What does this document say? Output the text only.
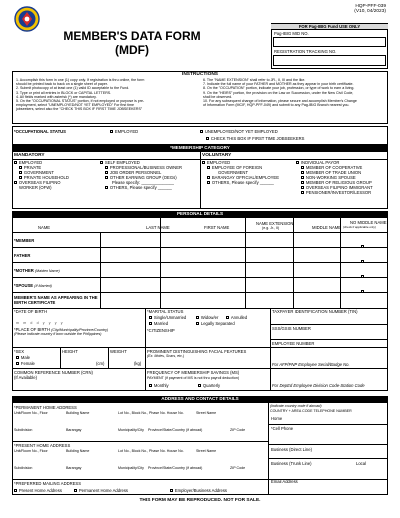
HQP-PFF-039
(V10, 04/2023)
MEMBER'S DATA FORM
(MDF)
FOR Pag-IBIG Fund USE ONLY
Pag-IBIG MID NO.
REGISTRATION TRACKING NO.
INSTRUCTIONS
1. Accomplish this form in one (1) copy only. If registration is thru online, the form
should be printed back to back on a single sheet of paper.
2. Submit photocopy of at least one (1) valid ID acceptable to the Fund.
3. Type or print all entries in BLOCK or CAPITAL LETTERS.
4. All fields marked with asterisk (*) are mandatory.
5. On the "OCCUPATIONAL STATUS" portion, if not employed or purpose is pre-
employment, select "UNEMPLOYED/NOT YET EMPLOYED" For first time
jobseekers, select also the "CHECK THIS BOX IF FIRST TIME JOBSEEKERS"
6. The "NAME EXTENSION" shall refer to JR., II, III and the like.
7. Indicate the full name of your FATHER and MOTHER as they appear in your birth certificate.
8. On the "OCCUPATION" portion, indicate your job, profession, or type of work to earn a living.
9. On the "HEIRS" portion, the provision on the Law on Succession, under the New Civil Code,
shall be observed.
10. For any subsequent change of information, please secure and accomplish Member's Change
of Information Form (MCIF, HQP-PFF-049) and submit to any Pag-IBIG Branch nearest you.
*OCCUPATIONAL STATUS	EMPLOYED	UNEMPLOYED/NOT YET EMPLOYED
CHECK THIS BOX IF FIRST TIME JOBSEEKERS
*MEMBERSHIP CATEGORY
MANDATORY	VOLUNTARY
EMPLOYED
PRIVATE
GOVERNMENT
PRIVATE HOUSEHOLD
OVERSEAS FILIPINO
WORKER (OFW)
SELF EMPLOYED
PROFESSIONAL/BUSINESS OWNER
JOB ORDER PERSONNEL
OTHER EARNING GROUP (OEGs)
Please specify: ______________
OTHERS, Please specify ______
EMPLOYED
EMPLOYEE OF FOREIGN
GOVERNMENT
BARANGAY OFFICIAL/EMPLOYEE
OTHERS, Please specify ______
INDIVIDUAL PAYOR
MEMBER OF COOPERATIVE
MEMBER OF TRADE UNION
NON-WORKING SPOUSE
MEMBER OF RELIGIOUS GROUP
OVERSEAS FILIPINO IMMIGRANT
PENSIONER/INVESTOR/LESSOR
PERSONAL DETAILS
NAME	LAST NAME	FIRST NAME
NAME EXTENSION
(e.g. Jr., II)	MIDDLE NAME
NO MIDDLE NAME
(check if applicable only)
*MEMBER
FATHER
*MOTHER (Maiden Name)
*SPOUSE (If Married)
MEMBER'S NAME AS APPEARING IN THE
BIRTH CERTIFICATE
*DATE OF BIRTH
m m d d y y y y
*PLACE OF BIRTH (City/Municipality/Province/Country)
(Please indicate country if born outside the Philippines)
*MARITAL STATUS
Single/Unmarried	Widow/er	Annulled
Married	Legally Separated
*CITIZENSHIP
TAXPAYER IDENTIFICATION NUMBER (TIN)
SSS/GSIS NUMBER
EMPLOYEE NUMBER
*SEX
Male
Female
HEIGHT
(cm)
WEIGHT
(kg)
PROMINENT DISTINGUISHING FACIAL FEATURES
(Ex. Moles, Scars, etc.)
For AFP/PNP Employee Serial/Badge No.
COMMON REFERENCE NUMBER (CRN)
(If Available)
FREQUENCY OF MEMBERSHIP SAVINGS (MS)
PAYMENT (if payment of MS is not thru payroll deduction)
Monthly	Quarterly	For DepEd Employee Division Code-Station Code
ADDRESS AND CONTACT DETAILS
*PERMANENT HOME ADDRESS
Unit/Room No., Floor	Building Name	Lot No., Block No., Phase No. House No.	Street Name
Subdivision	Barangay	Municipality/City Province/State/Country (if abroad)	ZIP Code
*PRESENT HOME ADDRESS
Unit/Room No., Floor	Building Name	Lot No., Block No., Phase No. House No.	Street Name
Subdivision	Barangay	Municipality/City Province/State/Country (if abroad)	ZIP Code
*PREFERRED MAILING ADDRESS
Present Home Address	Permanent Home Address	Employer/Business Address
(Indicate country code if abroad)
COUNTRY + AREA CODE TELEPHONE NUMBER
Home
*Cell Phone
Business (Direct Line)
Business (Trunk Line)	Local
Email Address
THIS FORM MAY BE REPRODUCED. NOT FOR SALE.
